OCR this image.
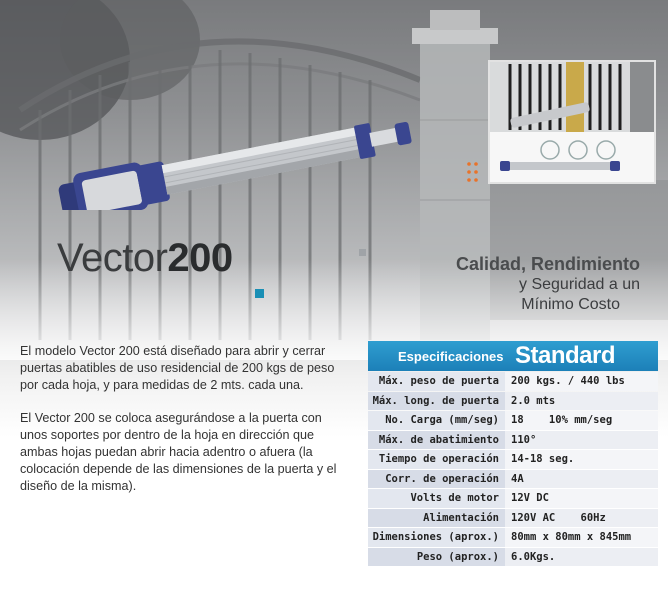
Vector200	Calidad, Rendimiento
y Seguridad a un
Mínimo Costo

El modelo Vector 200 está diseñado para abrir y cerrar puertas abatibles de uso residencial de 200 kgs de peso por cada hoja, y para medidas de 2 mts. cada una.

El Vector 200 se coloca asegurándose a la puerta con unos soportes por dentro de la hoja en dirección que ambas hojas puedan abrir hacia adentro o afuera (la colocación depende de las dimensiones de la puerta y el diseño de la misma).

Especificaciones Standard
Máx. peso de puerta	200 kgs. / 440 lbs
Máx. long. de puerta	2.0 mts
No. Carga (mm/seg)	18    10% mm/seg
Máx. de abatimiento	110°
Tiempo de operación	14-18 seg.
Corr. de operación	4A
Volts de motor	12V DC
Alimentación	120V AC    60Hz
Dimensiones (aprox.)	80mm x 80mm x 845mm
Peso (aprox.)	6.0Kgs.
